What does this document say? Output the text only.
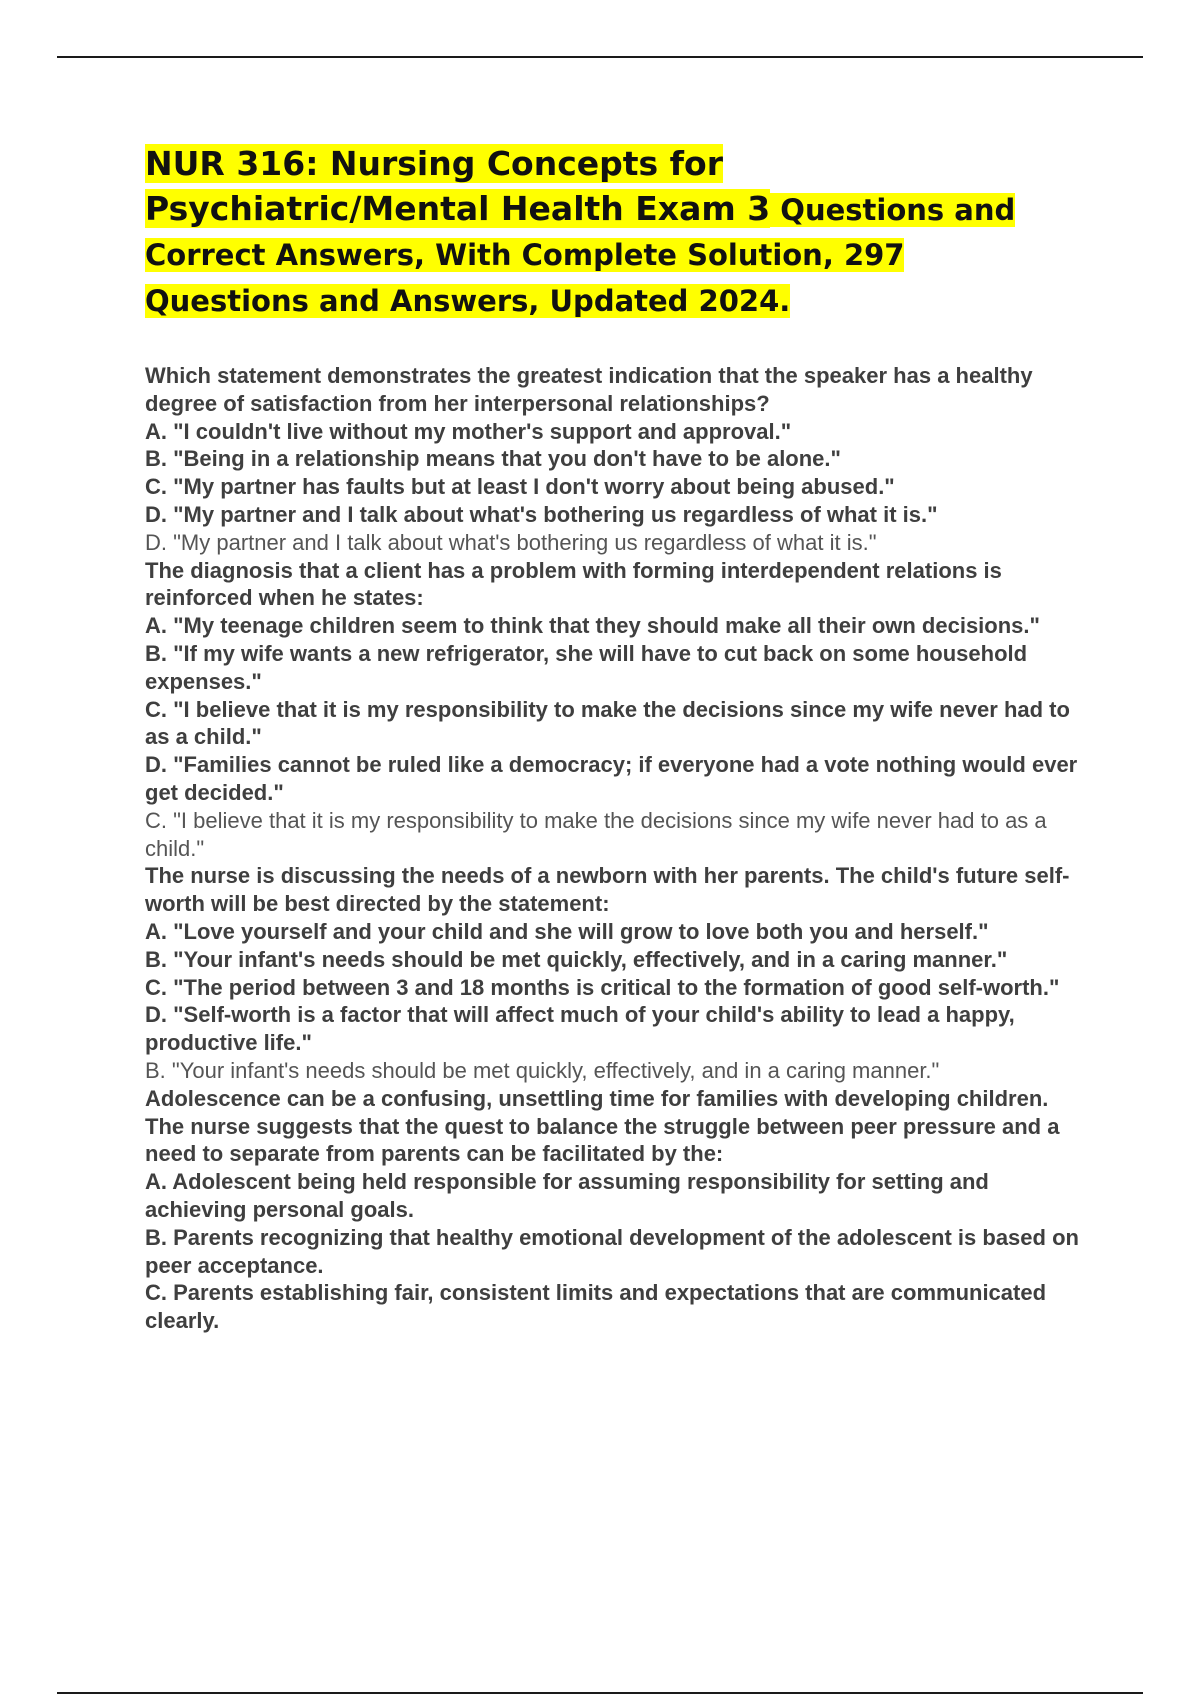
NUR 316: Nursing Concepts for Psychiatric/Mental Health Exam 3 Questions and Correct Answers, With Complete Solution, 297 Questions and Answers, Updated 2024.

Which statement demonstrates the greatest indication that the speaker has a healthy degree of satisfaction from her interpersonal relationships?

A. "I couldn't live without my mother's support and approval."

B. "Being in a relationship means that you don't have to be alone."

C. "My partner has faults but at least I don't worry about being abused."

D. "My partner and I talk about what's bothering us regardless of what it is."

D. "My partner and I talk about what's bothering us regardless of what it is."

The diagnosis that a client has a problem with forming interdependent relations is reinforced when he states:

A. "My teenage children seem to think that they should make all their own decisions."

B. "If my wife wants a new refrigerator, she will have to cut back on some household expenses."

C. "I believe that it is my responsibility to make the decisions since my wife never had to as a child."

D. "Families cannot be ruled like a democracy; if everyone had a vote nothing would ever get decided."

C. "I believe that it is my responsibility to make the decisions since my wife never had to as a child."

The nurse is discussing the needs of a newborn with her parents. The child's future self-worth will be best directed by the statement:

A. "Love yourself and your child and she will grow to love both you and herself."

B. "Your infant's needs should be met quickly, effectively, and in a caring manner."

C. "The period between 3 and 18 months is critical to the formation of good self-worth."

D. "Self-worth is a factor that will affect much of your child's ability to lead a happy, productive life."

B. "Your infant's needs should be met quickly, effectively, and in a caring manner."

Adolescence can be a confusing, unsettling time for families with developing children. The nurse suggests that the quest to balance the struggle between peer pressure and a need to separate from parents can be facilitated by the:

A. Adolescent being held responsible for assuming responsibility for setting and achieving personal goals.

B. Parents recognizing that healthy emotional development of the adolescent is based on peer acceptance.

C. Parents establishing fair, consistent limits and expectations that are communicated clearly.
